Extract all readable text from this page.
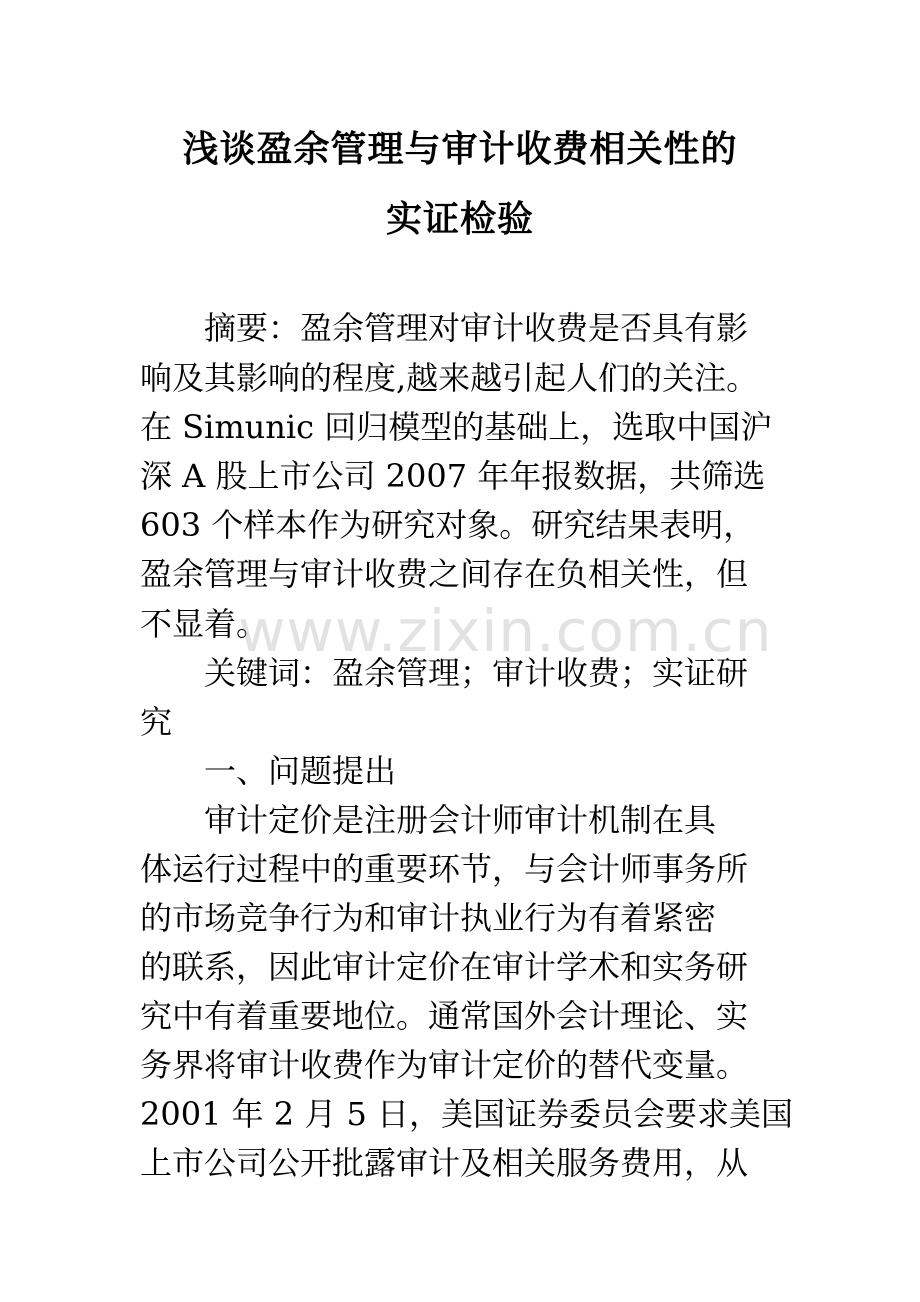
浅谈盈余管理与审计收费相关性的
实证检验
　　摘要：盈余管理对审计收费是否具有影
响及其影响的程度,越来越引起人们的关注。
在 Simunic 回归模型的基础上，选取中国沪
深 A 股上市公司 2007 年年报数据，共筛选
603 个样本作为研究对象。研究结果表明，
盈余管理与审计收费之间存在负相关性，但
不显着。
　　关键词：盈余管理；审计收费；实证研
究
　　一、问题提出
　　审计定价是注册会计师审计机制在具
体运行过程中的重要环节，与会计师事务所
的市场竞争行为和审计执业行为有着紧密
的联系，因此审计定价在审计学术和实务研
究中有着重要地位。通常国外会计理论、实
务界将审计收费作为审计定价的替代变量。
2001 年 2 月 5 日，美国证券委员会要求美国
上市公司公开批露审计及相关服务费用，从
www.zixin.com.cn
